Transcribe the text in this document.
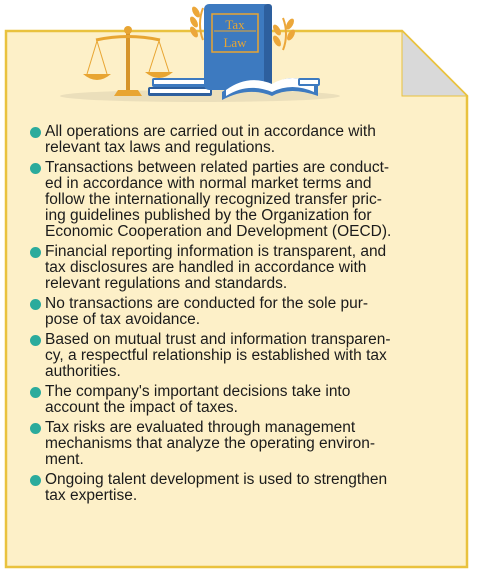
Tax
Law
All operations are carried out in accordance with
relevant tax laws and regulations.
Transactions between related parties are conduct-
ed in accordance with normal market terms and
follow the internationally recognized transfer pric-
ing guidelines published by the Organization for
Economic Cooperation and Development (OECD).
Financial reporting information is transparent, and
tax disclosures are handled in accordance with
relevant regulations and standards.
No transactions are conducted for the sole pur-
pose of tax avoidance.
Based on mutual trust and information transparen-
cy, a respectful relationship is established with tax
authorities.
The company's important decisions take into
account the impact of taxes.
Tax risks are evaluated through management
mechanisms that analyze the operating environ-
ment.
Ongoing talent development is used to strengthen
tax expertise.
